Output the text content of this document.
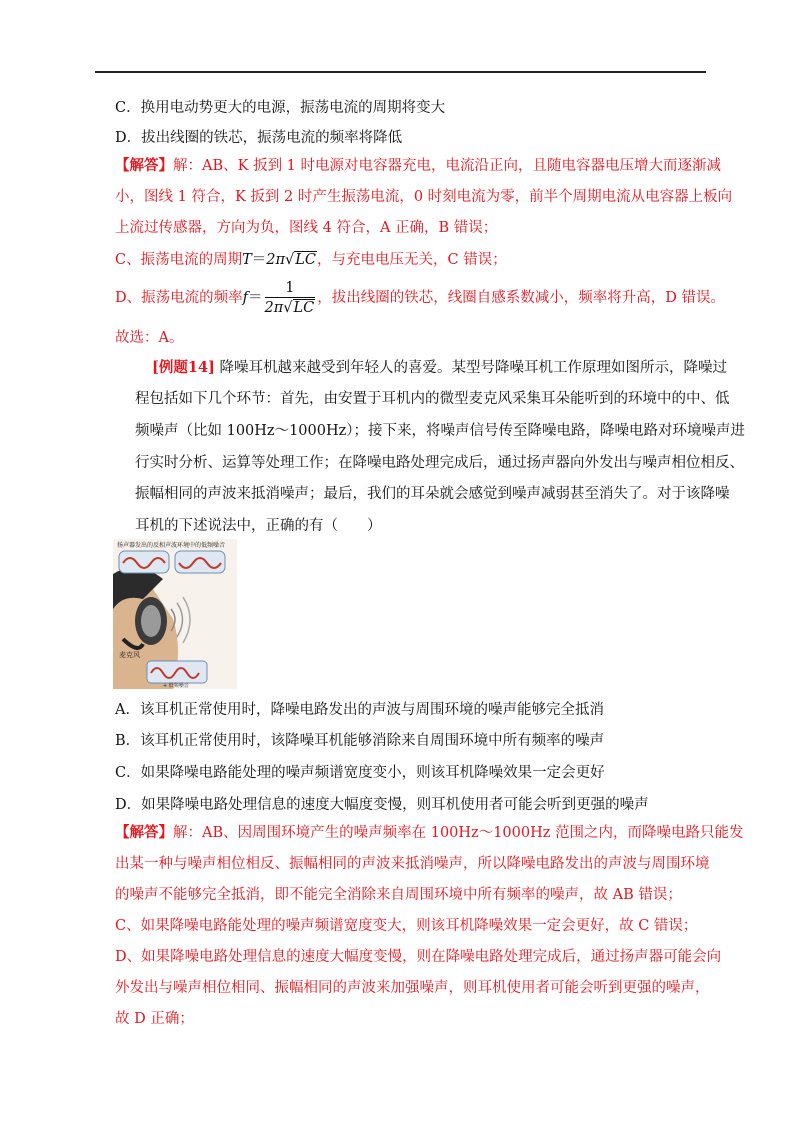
C．换用电动势更大的电源，振荡电流的周期将变大
D．拔出线圈的铁芯，振荡电流的频率将降低
【解答】解：AB、K 扳到 1 时电源对电容器充电，电流沿正向，且随电容器电压增大而逐渐减
小，图线 1 符合，K 扳到 2 时产生振荡电流，0 时刻电流为零，前半个周期电流从电容器上板向
上流过传感器，方向为负，图线 4 符合，A 正确，B 错误；
C、振荡电流的周期T＝2π√LC，与充电电压无关，C 错误；
D、振荡电流的频率$f= \frac{1}{2\pi√LC}$ ，拔出线圈的铁芯，线圈自感系数减小，频率将升高，D 错误。
故选：A。
[例题14] 降噪耳机越来越受到年轻人的喜爱。某型号降噪耳机工作原理如图所示，降噪过
程包括如下几个环节：首先，由安置于耳机内的微型麦克风采集耳朵能听到的环境中的中、低
频噪声（比如 100Hz～1000Hz）；接下来，将噪声信号传至降噪电路，降噪电路对环境噪声进
行实时分析、运算等处理工作；在降噪电路处理完成后，通过扬声器向外发出与噪声相位相反、
振幅相同的声波来抵消噪声；最后，我们的耳朵就会感觉到噪声减弱甚至消失了。对于该降噪
耳机的下述说法中，正确的有（　　）
扬声器发出的反相声波 环境中的低频噪音
麦克风
+ 低频噪音
A．该耳机正常使用时，降噪电路发出的声波与周围环境的噪声能够完全抵消
B．该耳机正常使用时，该降噪耳机能够消除来自周围环境中所有频率的噪声
C．如果降噪电路能处理的噪声频谱宽度变小，则该耳机降噪效果一定会更好
D．如果降噪电路处理信息的速度大幅度变慢，则耳机使用者可能会听到更强的噪声
【解答】解：AB、因周围环境产生的噪声频率在 100Hz～1000Hz 范围之内，而降噪电路只能发
出某一种与噪声相位相反、振幅相同的声波来抵消噪声，所以降噪电路发出的声波与周围环境
的噪声不能够完全抵消，即不能完全消除来自周围环境中所有频率的噪声，故 AB 错误；
C、如果降噪电路能处理的噪声频谱宽度变大，则该耳机降噪效果一定会更好，故 C 错误；
D、如果降噪电路处理信息的速度大幅度变慢，则在降噪电路处理完成后，通过扬声器可能会向
外发出与噪声相位相同、振幅相同的声波来加强噪声，则耳机使用者可能会听到更强的噪声，
故 D 正确；
